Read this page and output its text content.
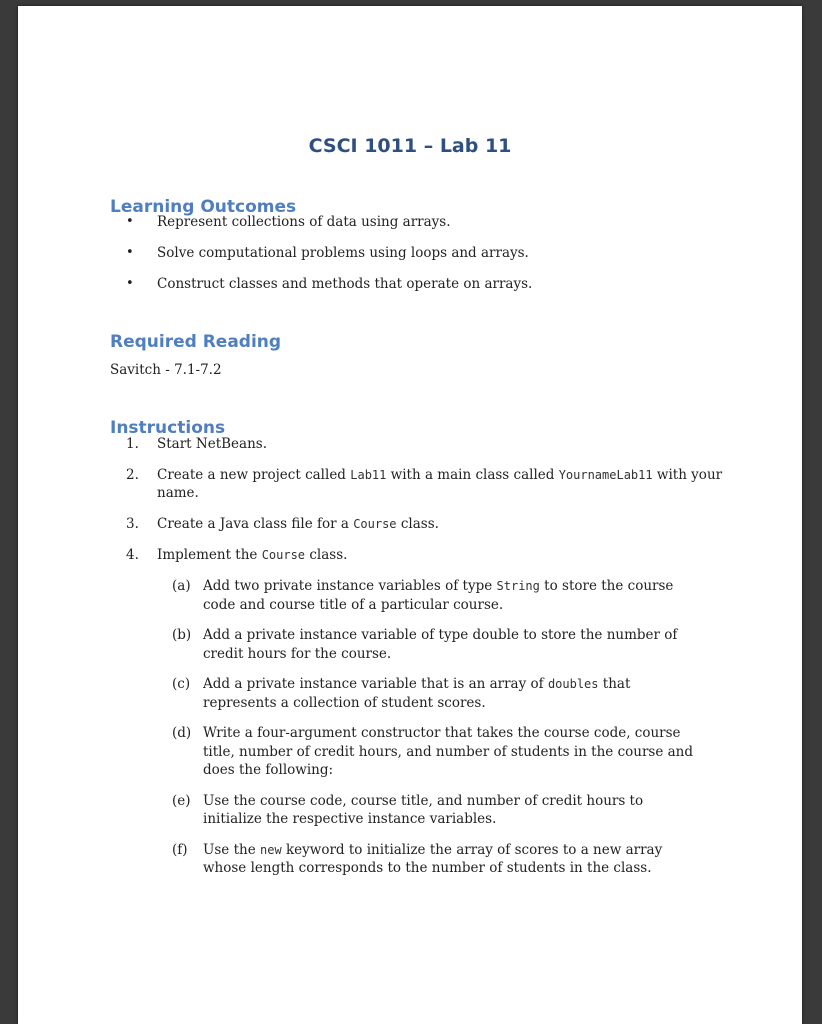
CSCI 1011 – Lab 11
Learning Outcomes
• Represent collections of data using arrays.
• Solve computational problems using loops and arrays.
• Construct classes and methods that operate on arrays.
Required Reading

Savitch - 7.1-7.2

Instructions
1. Start NetBeans.
2. Create a new project called Lab11 with a main class called YournameLab11 with your name.
3. Create a Java class file for a Course class.
4. Implement the Course class.
(a) Add two private instance variables of type String to store the course code and course title of a particular course.
(b) Add a private instance variable of type double to store the number of credit hours for the course.
(c) Add a private instance variable that is an array of doubles that represents a collection of student scores.
(d) Write a four-argument constructor that takes the course code, course title, number of credit hours, and number of students in the course and does the following:
(e) Use the course code, course title, and number of credit hours to initialize the respective instance variables.
(f) Use the new keyword to initialize the array of scores to a new array whose length corresponds to the number of students in the class.
